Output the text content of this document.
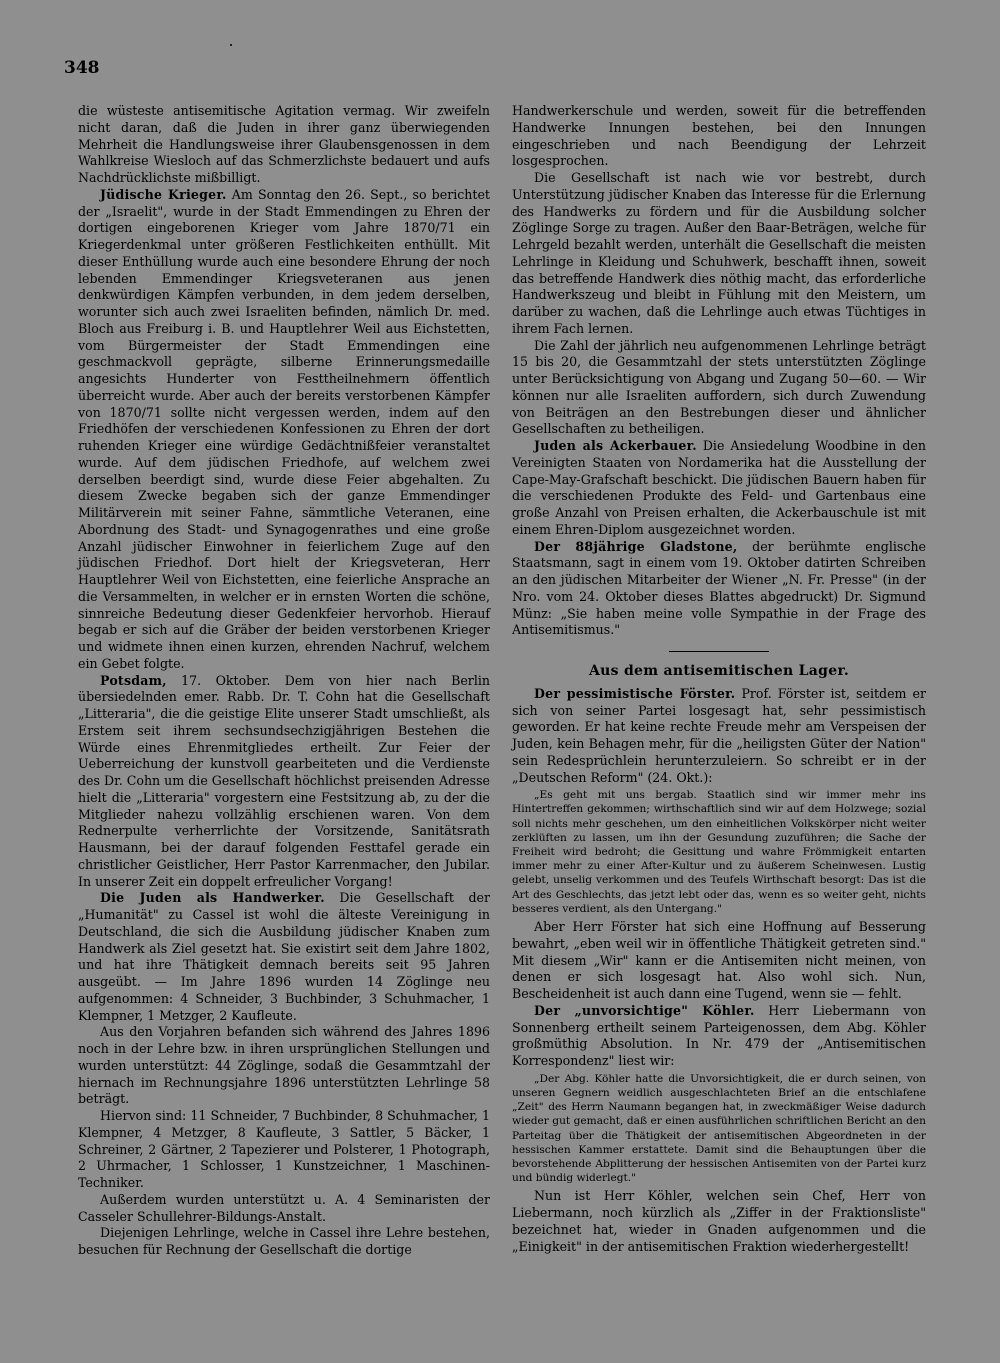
348

die wüsteste antisemitische Agitation vermag. Wir zweifeln nicht daran, daß die Juden in ihrer ganz überwiegenden Mehrheit die Handlungsweise ihrer Glaubensgenossen in dem Wahlkreise Wiesloch auf das Schmerzlichste bedauert und aufs Nachdrücklichste mißbilligt.

Jüdische Krieger. Am Sonntag den 26. Sept., so berichtet der „Israelit", wurde in der Stadt Emmendingen zu Ehren der dortigen eingeborenen Krieger vom Jahre 1870/71 ein Kriegerdenkmal unter größeren Festlichkeiten enthüllt. Mit dieser Enthüllung wurde auch eine besondere Ehrung der noch lebenden Emmendinger Kriegsveteranen aus jenen denkwürdigen Kämpfen verbunden, in dem jedem derselben, worunter sich auch zwei Israeliten befinden, nämlich Dr. med. Bloch aus Freiburg i. B. und Hauptlehrer Weil aus Eichstetten, vom Bürgermeister der Stadt Emmendingen eine geschmackvoll geprägte, silberne Erinnerungsmedaille angesichts Hunderter von Festtheilnehmern öffentlich überreicht wurde. Aber auch der bereits verstorbenen Kämpfer von 1870/71 sollte nicht vergessen werden, indem auf den Friedhöfen der verschiedenen Konfessionen zu Ehren der dort ruhenden Krieger eine würdige Gedächtnißfeier veranstaltet wurde. Auf dem jüdischen Friedhofe, auf welchem zwei derselben beerdigt sind, wurde diese Feier abgehalten. Zu diesem Zwecke begaben sich der ganze Emmendinger Militärverein mit seiner Fahne, sämmtliche Veteranen, eine Abordnung des Stadt- und Synagogenrathes und eine große Anzahl jüdischer Einwohner in feierlichem Zuge auf den jüdischen Friedhof. Dort hielt der Kriegsveteran, Herr Hauptlehrer Weil von Eichstetten, eine feierliche Ansprache an die Versammelten, in welcher er in ernsten Worten die schöne, sinnreiche Bedeutung dieser Gedenkfeier hervorhob. Hierauf begab er sich auf die Gräber der beiden verstorbenen Krieger und widmete ihnen einen kurzen, ehrenden Nachruf, welchem ein Gebet folgte.

Potsdam, 17. Oktober. Dem von hier nach Berlin übersiedelnden emer. Rabb. Dr. T. Cohn hat die Gesellschaft „Litteraria", die die geistige Elite unserer Stadt umschließt, als Erstem seit ihrem sechsundsechzigjährigen Bestehen die Würde eines Ehrenmitgliedes ertheilt. Zur Feier der Ueberreichung der kunstvoll gearbeiteten und die Verdienste des Dr. Cohn um die Gesellschaft höchlichst preisenden Adresse hielt die „Litteraria" vorgestern eine Festsitzung ab, zu der die Mitglieder nahezu vollzählig erschienen waren. Von dem Rednerpulte verherrlichte der Vorsitzende, Sanitätsrath Hausmann, bei der darauf folgenden Festtafel gerade ein christlicher Geistlicher, Herr Pastor Karrenmacher, den Jubilar. In unserer Zeit ein doppelt erfreulicher Vorgang!

Die Juden als Handwerker. Die Gesellschaft der „Humanität" zu Cassel ist wohl die älteste Vereinigung in Deutschland, die sich die Ausbildung jüdischer Knaben zum Handwerk als Ziel gesetzt hat. Sie existirt seit dem Jahre 1802, und hat ihre Thätigkeit demnach bereits seit 95 Jahren ausgeübt. — Im Jahre 1896 wurden 14 Zöglinge neu aufgenommen: 4 Schneider, 3 Buchbinder, 3 Schuhmacher, 1 Klempner, 1 Metzger, 2 Kaufleute.

Aus den Vorjahren befanden sich während des Jahres 1896 noch in der Lehre bzw. in ihren ursprünglichen Stellungen und wurden unterstützt: 44 Zöglinge, sodaß die Gesammtzahl der hiernach im Rechnungsjahre 1896 unterstützten Lehrlinge 58 beträgt.

Hiervon sind: 11 Schneider, 7 Buchbinder, 8 Schuhmacher, 1 Klempner, 4 Metzger, 8 Kaufleute, 3 Sattler, 5 Bäcker, 1 Schreiner, 2 Gärtner, 2 Tapezierer und Polsterer, 1 Photograph, 2 Uhrmacher, 1 Schlosser, 1 Kunstzeichner, 1 Maschinen-Techniker.

Außerdem wurden unterstützt u. A. 4 Seminaristen der Casseler Schullehrer-Bildungs-Anstalt.

Diejenigen Lehrlinge, welche in Cassel ihre Lehre bestehen, besuchen für Rechnung der Gesellschaft die dortige

Handwerkerschule und werden, soweit für die betreffenden Handwerke Innungen bestehen, bei den Innungen eingeschrieben und nach Beendigung der Lehrzeit losgesprochen.

Die Gesellschaft ist nach wie vor bestrebt, durch Unterstützung jüdischer Knaben das Interesse für die Erlernung des Handwerks zu fördern und für die Ausbildung solcher Zöglinge Sorge zu tragen. Außer den Baar-Beträgen, welche für Lehrgeld bezahlt werden, unterhält die Gesellschaft die meisten Lehrlinge in Kleidung und Schuhwerk, beschafft ihnen, soweit das betreffende Handwerk dies nöthig macht, das erforderliche Handwerkszeug und bleibt in Fühlung mit den Meistern, um darüber zu wachen, daß die Lehrlinge auch etwas Tüchtiges in ihrem Fach lernen.

Die Zahl der jährlich neu aufgenommenen Lehrlinge beträgt 15 bis 20, die Gesammtzahl der stets unterstützten Zöglinge unter Berücksichtigung von Abgang und Zugang 50—60. — Wir können nur alle Israeliten auffordern, sich durch Zuwendung von Beiträgen an den Bestrebungen dieser und ähnlicher Gesellschaften zu betheiligen.

Juden als Ackerbauer. Die Ansiedelung Woodbine in den Vereinigten Staaten von Nordamerika hat die Ausstellung der Cape-May-Grafschaft beschickt. Die jüdischen Bauern haben für die verschiedenen Produkte des Feld- und Gartenbaus eine große Anzahl von Preisen erhalten, die Ackerbauschule ist mit einem Ehren-Diplom ausgezeichnet worden.

Der 88jährige Gladstone, der berühmte englische Staatsmann, sagt in einem vom 19. Oktober datirten Schreiben an den jüdischen Mitarbeiter der Wiener „N. Fr. Presse" (in der Nro. vom 24. Oktober dieses Blattes abgedruckt) Dr. Sigmund Münz: „Sie haben meine volle Sympathie in der Frage des Antisemitismus."

Aus dem antisemitischen Lager.

Der pessimistische Förster. Prof. Förster ist, seitdem er sich von seiner Partei losgesagt hat, sehr pessimistisch geworden. Er hat keine rechte Freude mehr am Verspeisen der Juden, kein Behagen mehr, für die „heiligsten Güter der Nation" sein Redesprüchlein herunterzuleiern. So schreibt er in der „Deutschen Reform" (24. Okt.):

„Es geht mit uns bergab. Staatlich sind wir immer mehr ins Hintertreffen gekommen; wirthschaftlich sind wir auf dem Holzwege; sozial soll nichts mehr geschehen, um den einheitlichen Volkskörper nicht weiter zerklüften zu lassen, um ihn der Gesundung zuzuführen; die Sache der Freiheit wird bedroht; die Gesittung und wahre Frömmigkeit entarten immer mehr zu einer After-Kultur und zu äußerem Scheinwesen. Lustig gelebt, unselig verkommen und des Teufels Wirthschaft besorgt: Das ist die Art des Geschlechts, das jetzt lebt oder das, wenn es so weiter geht, nichts besseres verdient, als den Untergang."

Aber Herr Förster hat sich eine Hoffnung auf Besserung bewahrt, „eben weil wir in öffentliche Thätigkeit getreten sind." Mit diesem „Wir" kann er die Antisemiten nicht meinen, von denen er sich losgesagt hat. Also wohl sich. Nun, Bescheidenheit ist auch dann eine Tugend, wenn sie — fehlt.

Der „unvorsichtige" Köhler. Herr Liebermann von Sonnenberg ertheilt seinem Parteigenossen, dem Abg. Köhler großmüthig Absolution. In Nr. 479 der „Antisemitischen Korrespondenz" liest wir:

„Der Abg. Köhler hatte die Unvorsichtigkeit, die er durch seinen, von unseren Gegnern weidlich ausgeschlachteten Brief an die entschlafene „Zeit" des Herrn Naumann begangen hat, in zweckmäßiger Weise dadurch wieder gut gemacht, daß er einen ausführlichen schriftlichen Bericht an den Parteitag über die Thätigkeit der antisemitischen Abgeordneten in der hessischen Kammer erstattete. Damit sind die Behauptungen über die bevorstehende Abplitterung der hessischen Antisemiten von der Partei kurz und bündig widerlegt."

Nun ist Herr Köhler, welchen sein Chef, Herr von Liebermann, noch kürzlich als „Ziffer in der Fraktionsliste" bezeichnet hat, wieder in Gnaden aufgenommen und die „Einigkeit" in der antisemitischen Fraktion wiederhergestellt!
